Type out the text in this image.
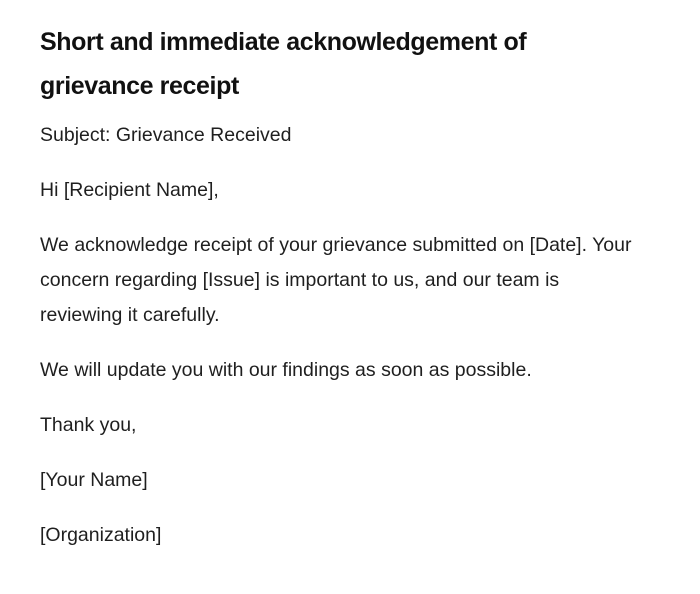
Short and immediate acknowledgement of grievance receipt

Subject: Grievance Received

Hi [Recipient Name],

We acknowledge receipt of your grievance submitted on [Date]. Your concern regarding [Issue] is important to us, and our team is reviewing it carefully.

We will update you with our findings as soon as possible.

Thank you,

[Your Name]

[Organization]
